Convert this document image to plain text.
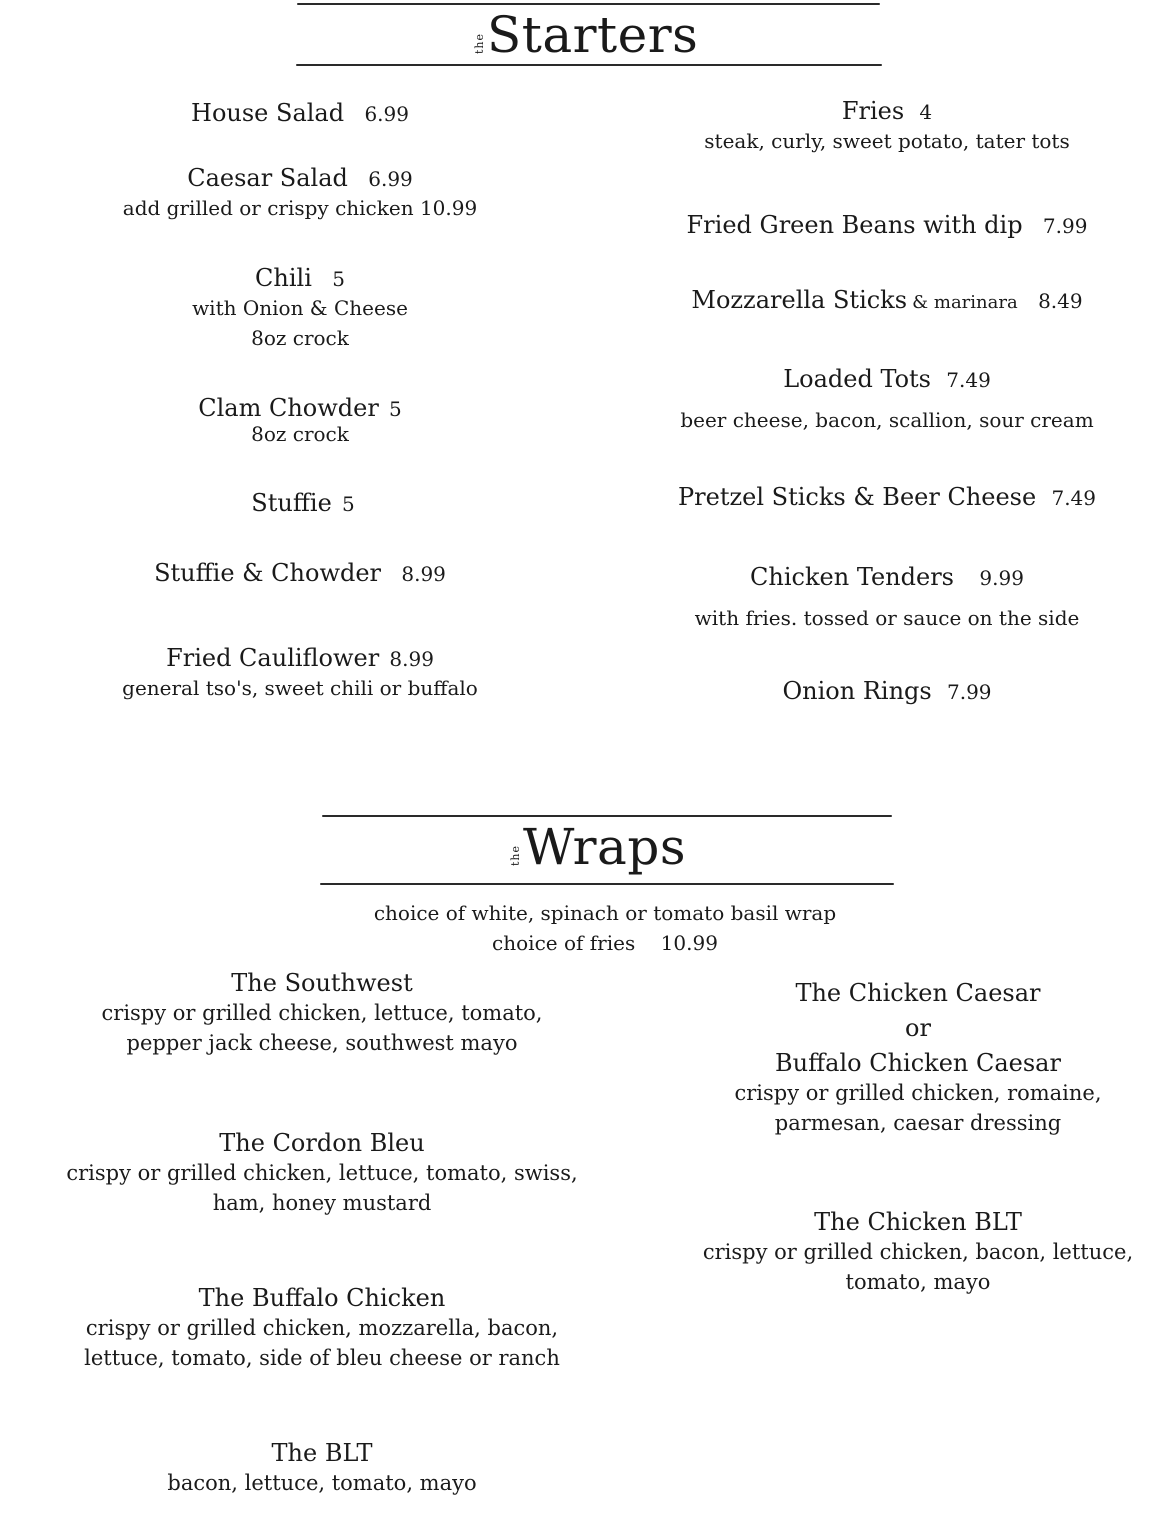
the Starters
House Salad 6.99
Caesar Salad 6.99
add grilled or crispy chicken 10.99
Chili 5
with Onion & Cheese
8oz crock
Clam Chowder 5
8oz crock
Stuffie 5
Stuffie & Chowder 8.99
Fried Cauliflower 8.99
general tso's, sweet chili or buffalo
Fries 4
steak, curly, sweet potato, tater tots
Fried Green Beans with dip 7.99
Mozzarella Sticks & marinara 8.49
Loaded Tots 7.49
beer cheese, bacon, scallion, sour cream
Pretzel Sticks & Beer Cheese 7.49
Chicken Tenders 9.99
with fries. tossed or sauce on the side
Onion Rings 7.99
the Wraps
choice of white, spinach or tomato basil wrap
choice of fries 10.99
The Southwest
crispy or grilled chicken, lettuce, tomato,
pepper jack cheese, southwest mayo
The Cordon Bleu
crispy or grilled chicken, lettuce, tomato, swiss,
ham, honey mustard
The Buffalo Chicken
crispy or grilled chicken, mozzarella, bacon,
lettuce, tomato, side of bleu cheese or ranch
The BLT
bacon, lettuce, tomato, mayo
The Chicken Caesar
or
Buffalo Chicken Caesar
crispy or grilled chicken, romaine,
parmesan, caesar dressing
The Chicken BLT
crispy or grilled chicken, bacon, lettuce,
tomato, mayo
